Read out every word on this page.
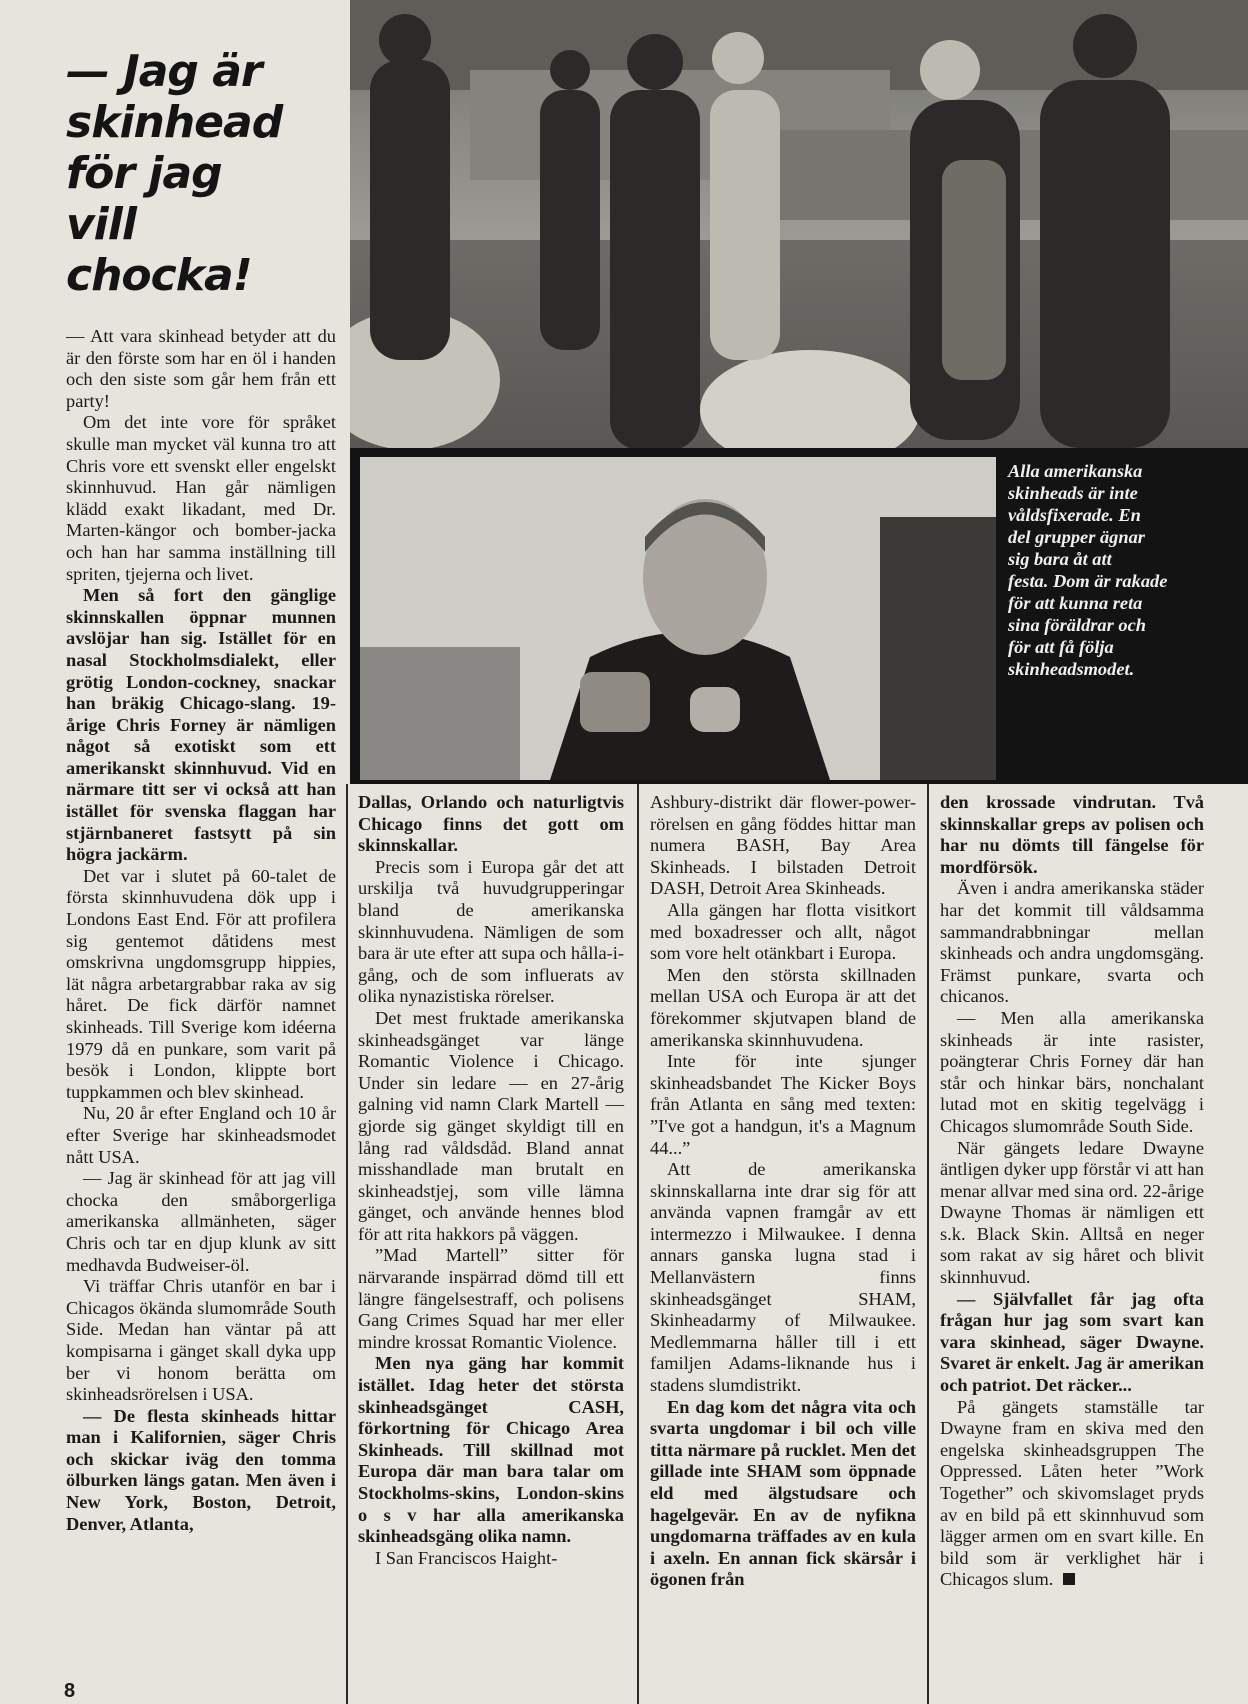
— Jag är
skinhead
för jag
vill
chocka!

Alla amerikanska
skinheads är inte
våldsfixerade. En
del grupper ägnar
sig bara åt att
festa. Dom är rakade
för att kunna reta
sina föräldrar och
för att få följa
skinheadsmodet.

— Att vara skinhead betyder att du är den förste som har en öl i handen och den siste som går hem från ett party!

Om det inte vore för språket skulle man mycket väl kunna tro att Chris vore ett svenskt eller engelskt skinnhuvud. Han går nämligen klädd exakt likadant, med Dr. Marten-kängor och bomber-jacka och han har samma inställning till spriten, tjejerna och livet.

Men så fort den gänglige skinnskallen öppnar munnen avslöjar han sig. Istället för en nasal Stockholmsdialekt, eller grötig London-cockney, snackar han bräkig Chicago-slang. 19-årige Chris Forney är nämligen något så exotiskt som ett amerikanskt skinnhuvud. Vid en närmare titt ser vi också att han istället för svenska flaggan har stjärnbaneret fastsytt på sin högra jackärm.

Det var i slutet på 60-talet de första skinnhuvudena dök upp i Londons East End. För att profilera sig gentemot dåtidens mest omskrivna ungdomsgrupp hippies, lät några arbetargrabbar raka av sig håret. De fick därför namnet skinheads. Till Sverige kom idéerna 1979 då en punkare, som varit på besök i London, klippte bort tuppkammen och blev skinhead.

Nu, 20 år efter England och 10 år efter Sverige har skinheadsmodet nått USA.

— Jag är skinhead för att jag vill chocka den småborgerliga amerikanska allmänheten, säger Chris och tar en djup klunk av sitt medhavda Budweiser-öl.

Vi träffar Chris utanför en bar i Chicagos ökända slumområde South Side. Medan han väntar på att kompisarna i gänget skall dyka upp ber vi honom berätta om skinheadsrörelsen i USA.

— De flesta skinheads hittar man i Kalifornien, säger Chris och skickar iväg den tomma ölburken längs gatan. Men även i New York, Boston, Detroit, Denver, Atlanta,

Dallas, Orlando och naturligtvis Chicago finns det gott om skinnskallar.

Precis som i Europa går det att urskilja två huvudgrupperingar bland de amerikanska skinnhuvudena. Nämligen de som bara är ute efter att supa och hålla-i-gång, och de som influerats av olika nynazistiska rörelser.

Det mest fruktade amerikanska skinheadsgänget var länge Romantic Violence i Chicago. Under sin ledare — en 27-årig galning vid namn Clark Martell — gjorde sig gänget skyldigt till en lång rad våldsdåd. Bland annat misshandlade man brutalt en skinheadstjej, som ville lämna gänget, och använde hennes blod för att rita hakkors på väggen.

”Mad Martell” sitter för närvarande inspärrad dömd till ett längre fängelsestraff, och polisens Gang Crimes Squad har mer eller mindre krossat Romantic Violence.

Men nya gäng har kommit istället. Idag heter det största skinheadsgänget CASH, förkortning för Chicago Area Skinheads. Till skillnad mot Europa där man bara talar om Stockholms-skins, London-skins o s v har alla amerikanska skinheadsgäng olika namn.

I San Franciscos Haight-

Ashbury-distrikt där flower-power-rörelsen en gång föddes hittar man numera BASH, Bay Area Skinheads. I bilstaden Detroit DASH, Detroit Area Skinheads.

Alla gängen har flotta visitkort med boxadresser och allt, något som vore helt otänkbart i Europa.

Men den största skillnaden mellan USA och Europa är att det förekommer skjutvapen bland de amerikanska skinnhuvudena.

Inte för inte sjunger skinheadsbandet The Kicker Boys från Atlanta en sång med texten: ”I've got a handgun, it's a Magnum 44...”

Att de amerikanska skinnskallarna inte drar sig för att använda vapnen framgår av ett intermezzo i Milwaukee. I denna annars ganska lugna stad i Mellanvästern finns skinheadsgänget SHAM, Skinheadarmy of Milwaukee. Medlemmarna håller till i ett familjen Adams-liknande hus i stadens slumdistrikt.

En dag kom det några vita och svarta ungdomar i bil och ville titta närmare på rucklet. Men det gillade inte SHAM som öppnade eld med älgstudsare och hagelgevär. En av de nyfikna ungdomarna träffades av en kula i axeln. En annan fick skärsår i ögonen från

den krossade vindrutan. Två skinnskallar greps av polisen och har nu dömts till fängelse för mordförsök.

Även i andra amerikanska städer har det kommit till våldsamma sammandrabbningar mellan skinheads och andra ungdomsgäng. Främst punkare, svarta och chicanos.

— Men alla amerikanska skinheads är inte rasister, poängterar Chris Forney där han står och hinkar bärs, nonchalant lutad mot en skitig tegelvägg i Chicagos slumområde South Side.

När gängets ledare Dwayne äntligen dyker upp förstår vi att han menar allvar med sina ord. 22-årige Dwayne Thomas är nämligen ett s.k. Black Skin. Alltså en neger som rakat av sig håret och blivit skinnhuvud.

— Självfallet får jag ofta frågan hur jag som svart kan vara skinhead, säger Dwayne. Svaret är enkelt. Jag är amerikan och patriot. Det räcker...

På gängets stamställe tar Dwayne fram en skiva med den engelska skinheadsgruppen The Oppressed. Låten heter ”Work Together” och skivomslaget pryds av en bild på ett skinnhuvud som lägger armen om en svart kille. En bild som är verklighet här i Chicagos slum.

8
